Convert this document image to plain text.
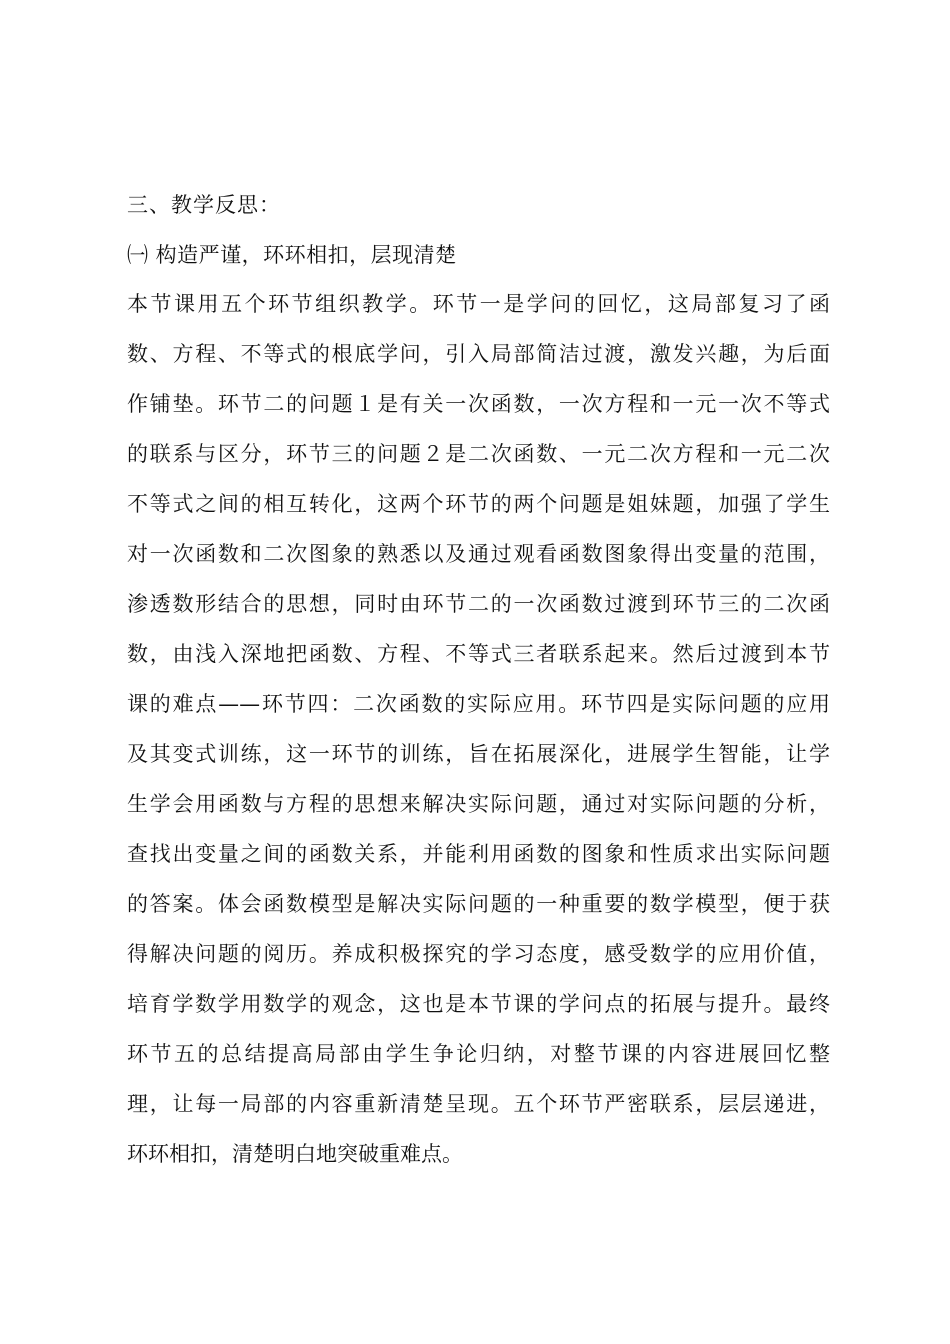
三、教学反思：
㈠ 构造严谨，环环相扣，层现清楚
本节课用五个环节组织教学。环节一是学问的回忆，这局部复习了函
数、方程、不等式的根底学问，引入局部简洁过渡，激发兴趣，为后面
作铺垫。环节二的问题１是有关一次函数，一次方程和一元一次不等式
的联系与区分，环节三的问题２是二次函数、一元二次方程和一元二次
不等式之间的相互转化，这两个环节的两个问题是姐妹题，加强了学生
对一次函数和二次图象的熟悉以及通过观看函数图象得出变量的范围，
渗透数形结合的思想，同时由环节二的一次函数过渡到环节三的二次函
数，由浅入深地把函数、方程、不等式三者联系起来。然后过渡到本节
课的难点——环节四：二次函数的实际应用。环节四是实际问题的应用
及其变式训练，这一环节的训练，旨在拓展深化，进展学生智能，让学
生学会用函数与方程的思想来解决实际问题，通过对实际问题的分析，
查找出变量之间的函数关系，并能利用函数的图象和性质求出实际问题
的答案。体会函数模型是解决实际问题的一种重要的数学模型，便于获
得解决问题的阅历。养成积极探究的学习态度，感受数学的应用价值，
培育学数学用数学的观念，这也是本节课的学问点的拓展与提升。最终
环节五的总结提高局部由学生争论归纳，对整节课的内容进展回忆整
理，让每一局部的内容重新清楚呈现。五个环节严密联系，层层递进，
环环相扣，清楚明白地突破重难点。
